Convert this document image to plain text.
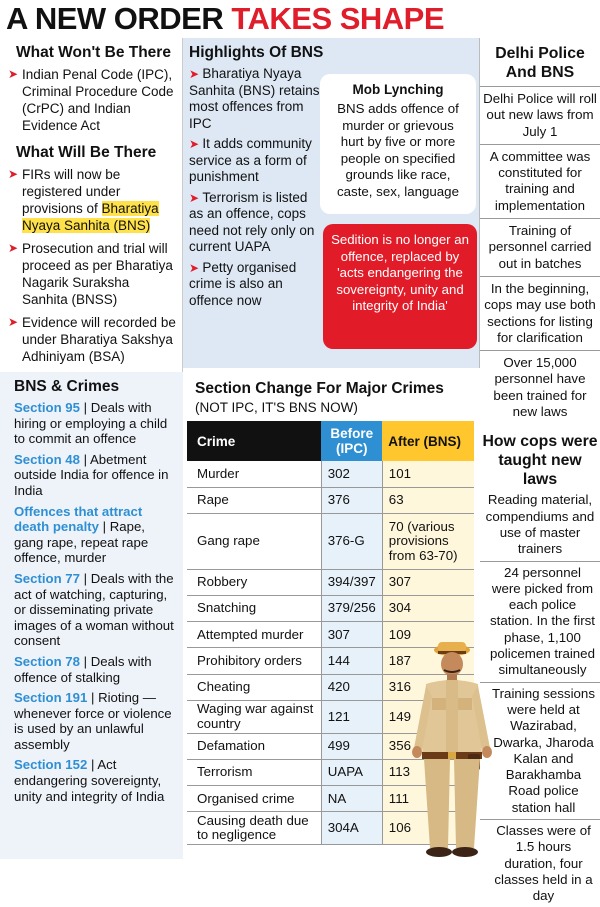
A NEW ORDER TAKES SHAPE
What Won't Be There

➤ Indian Penal Code (IPC), Criminal Procedure Code (CrPC) and Indian Evidence Act

What Will Be There

➤ FIRs will now be registered under provisions of Bharatiya Nyaya Sanhita (BNS)

➤ Prosecution and trial will proceed as per Bharatiya Nagarik Suraksha Sanhita (BNSS)

➤ Evidence will recorded be under Bharatiya Sakshya Adhiniyam (BSA)

BNS & Crimes

Section 95 | Deals with hiring or employing a child to commit an offence

Section 48 | Abetment outside India for offence in India

Offences that attract death penalty | Rape, gang rape, repeat rape offence, murder

Section 77 | Deals with the act of watching, capturing, or disseminating private images of a woman without consent

Section 78 | Deals with offence of stalking

Section 191 | Rioting — whenever force or violence is used by an unlawful assembly

Section 152 | Act endangering sovereignty, unity and integrity of India

Highlights Of BNS

➤ Bharatiya Nyaya Sanhita (BNS) retains most offences from IPC

➤ It adds community service as a form of punishment

➤ Terrorism is listed as an offence, cops need not rely only on current UAPA

➤ Petty organised crime is also an offence now

Mob Lynching

BNS adds offence of murder or grievous hurt by five or more people on specified grounds like race, caste, sex, language

Sedition is no longer an offence, replaced by 'acts endangering the sovereignty, unity and integrity of India'
Section Change For Major Crimes
(NOT IPC, IT'S BNS NOW)
Crime	Before (IPC)	After (BNS)
Murder	302	101
Rape	376	63
Gang rape	376-G	70 (various provisions from 63-70)
Robbery	394/397	307
Snatching	379/256	304
Attempted murder	307	109
Prohibitory orders	144	187
Cheating	420	316
Waging war against country	121	149
Defamation	499	356
Terrorism	UAPA	113
Organised crime	NA	111
Causing death due to negligence	304A	106
Delhi Police And BNS
Delhi Police will roll out new laws from July 1
A committee was constituted for training and implementation
Training of personnel carried out in batches
In the beginning, cops may use both sections for listing for clarification
Over 15,000 personnel have been trained for new laws
How cops were taught new laws
Reading material, compendiums and use of master trainers
24 personnel were picked from each police station. In the first phase, 1,100 policemen trained simultaneously
Training sessions were held at Wazirabad, Dwarka, Jharoda Kalan and Barakhamba Road police station hall
Classes were of 1.5 hours duration, four classes held in a day
